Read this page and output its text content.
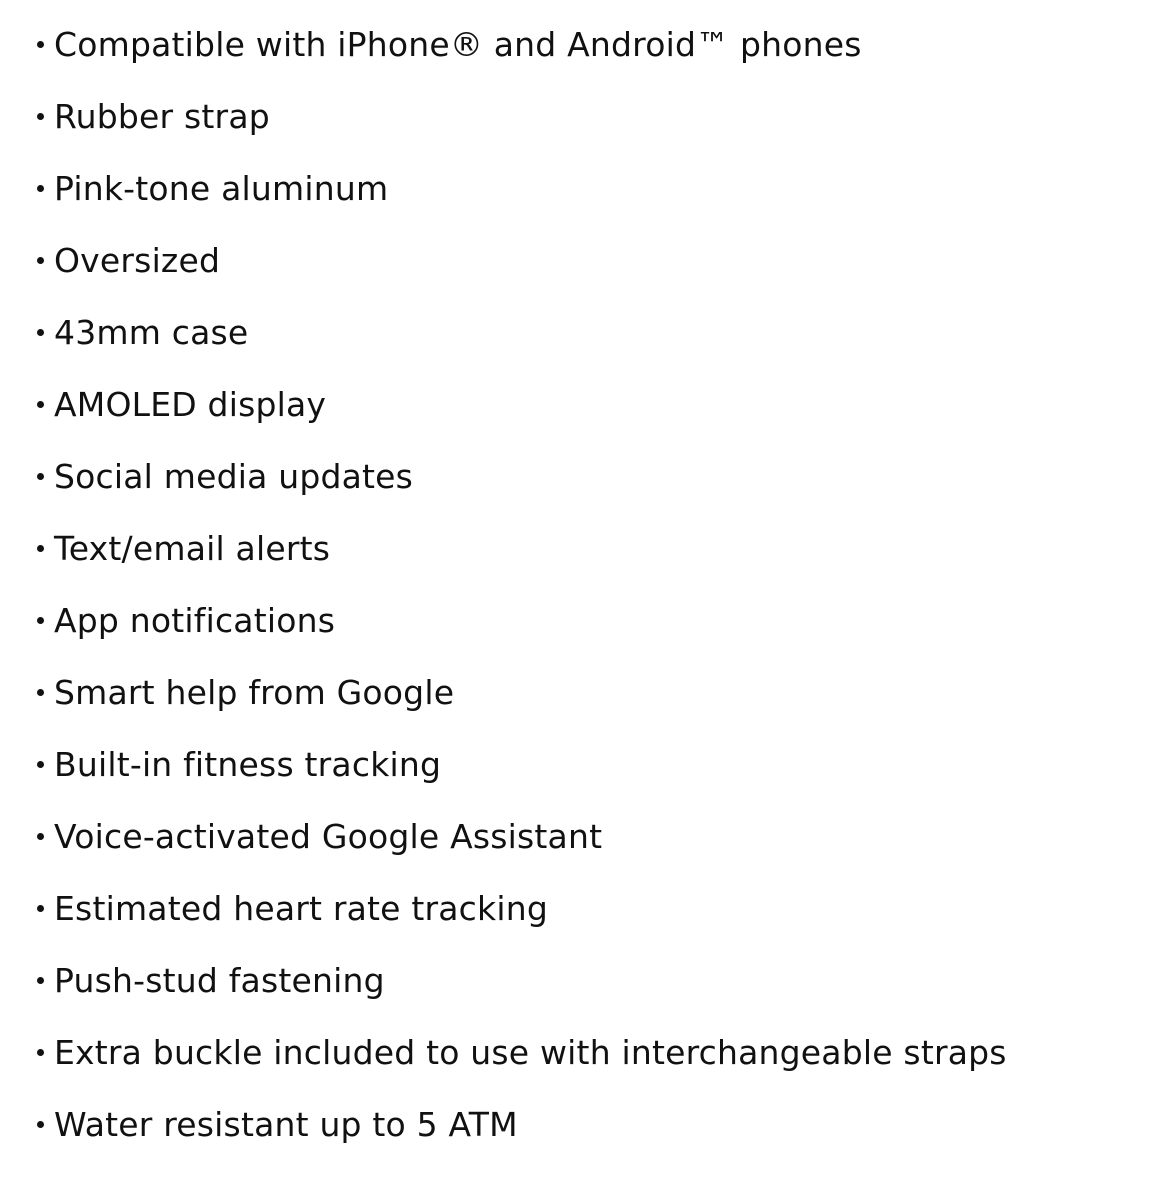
Compatible with iPhone® and Android™ phones
Rubber strap
Pink-tone aluminum
Oversized
43mm case
AMOLED display
Social media updates
Text/email alerts
App notifications
Smart help from Google
Built-in fitness tracking
Voice-activated Google Assistant
Estimated heart rate tracking
Push-stud fastening
Extra buckle included to use with interchangeable straps
Water resistant up to 5 ATM
